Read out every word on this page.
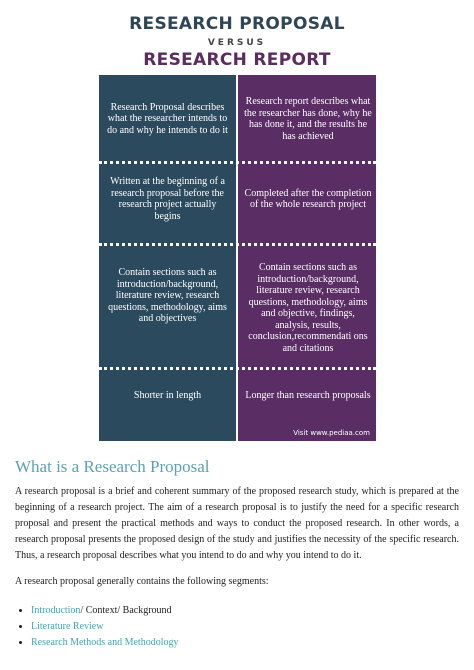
RESEARCH PROPOSAL
VERSUS
RESEARCH REPORT
Research Proposal describes what the researcher intends to do and why he intends to do it
Research report describes what the researcher has done, why he has done it, and the results he has achieved
Written at the beginning of a research proposal before the research project actually begins
Completed after the completion of the whole research project
Contain sections such as introduction/background, literature review, research questions, methodology, aims and objectives
Contain sections such as introduction/background, literature review, research questions, methodology, aims and objective, findings, analysis, results, conclusion,recommendati ons and citations
Shorter in length	Longer than research proposals
Visit www.pediaa.com
What is a Research Proposal
A research proposal is a brief and coherent summary of the proposed research study, which is prepared at the beginning of a research project. The aim of a research proposal is to justify the need for a specific research proposal and present the practical methods and ways to conduct the proposed research. In other words, a research proposal presents the proposed design of the study and justifies the necessity of the specific research. Thus, a research proposal describes what you intend to do and why you intend to do it.
A research proposal generally contains the following segments:
• Introduction/ Context/ Background
• Literature Review
• Research Methods and Methodology
